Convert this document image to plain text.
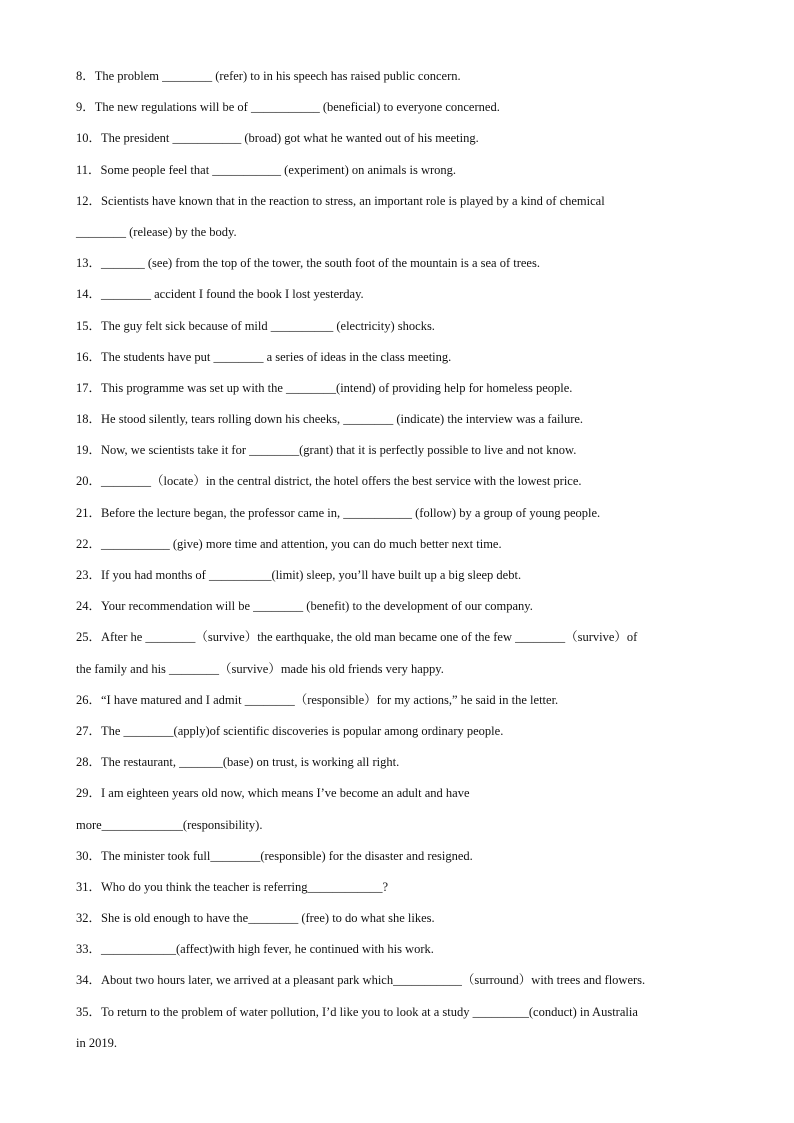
8．The problem ________ (refer) to in his speech has raised public concern.
9．The new regulations will be of ___________ (beneficial) to everyone concerned.
10．The president ___________ (broad) got what he wanted out of his meeting.
11．Some people feel that ___________ (experiment) on animals is wrong.
12．Scientists have known that in the reaction to stress, an important role is played by a kind of chemical
________ (release) by the body.
13．_______ (see) from the top of the tower, the south foot of the mountain is a sea of trees.
14．________ accident I found the book I lost yesterday.
15．The guy felt sick because of mild __________ (electricity) shocks.
16．The students have put ________ a series of ideas in the class meeting.
17．This programme was set up with the ________(intend) of providing help for homeless people.
18．He stood silently, tears rolling down his cheeks, ________ (indicate) the interview was a failure.
19．Now, we scientists take it for ________(grant) that it is perfectly possible to live and not know.
20．________（locate）in the central district, the hotel offers the best service with the lowest price.
21．Before the lecture began, the professor came in, ___________ (follow) by a group of young people.
22．___________ (give) more time and attention, you can do much better next time.
23．If you had months of __________(limit) sleep, you’ll have built up a big sleep debt.
24．Your recommendation will be ________ (benefit) to the development of our company.
25．After he ________（survive）the earthquake, the old man became one of the few ________（survive）of
the family and his ________（survive）made his old friends very happy.
26．“I have matured and I admit ________（responsible）for my actions,” he said in the letter.
27．The ________(apply)of scientific discoveries is popular among ordinary people.
28．The restaurant, _______(base) on trust, is working all right.
29．I am eighteen years old now, which means I’ve become an adult and have
more_____________(responsibility).
30．The minister took full________(responsible) for the disaster and resigned.
31．Who do you think the teacher is referring____________?
32．She is old enough to have the________ (free) to do what she likes.
33．____________(affect)with high fever, he continued with his work.
34．About two hours later, we arrived at a pleasant park which___________（surround）with trees and flowers.
35．To return to the problem of water pollution, I’d like you to look at a study _________(conduct) in Australia
in 2019.
